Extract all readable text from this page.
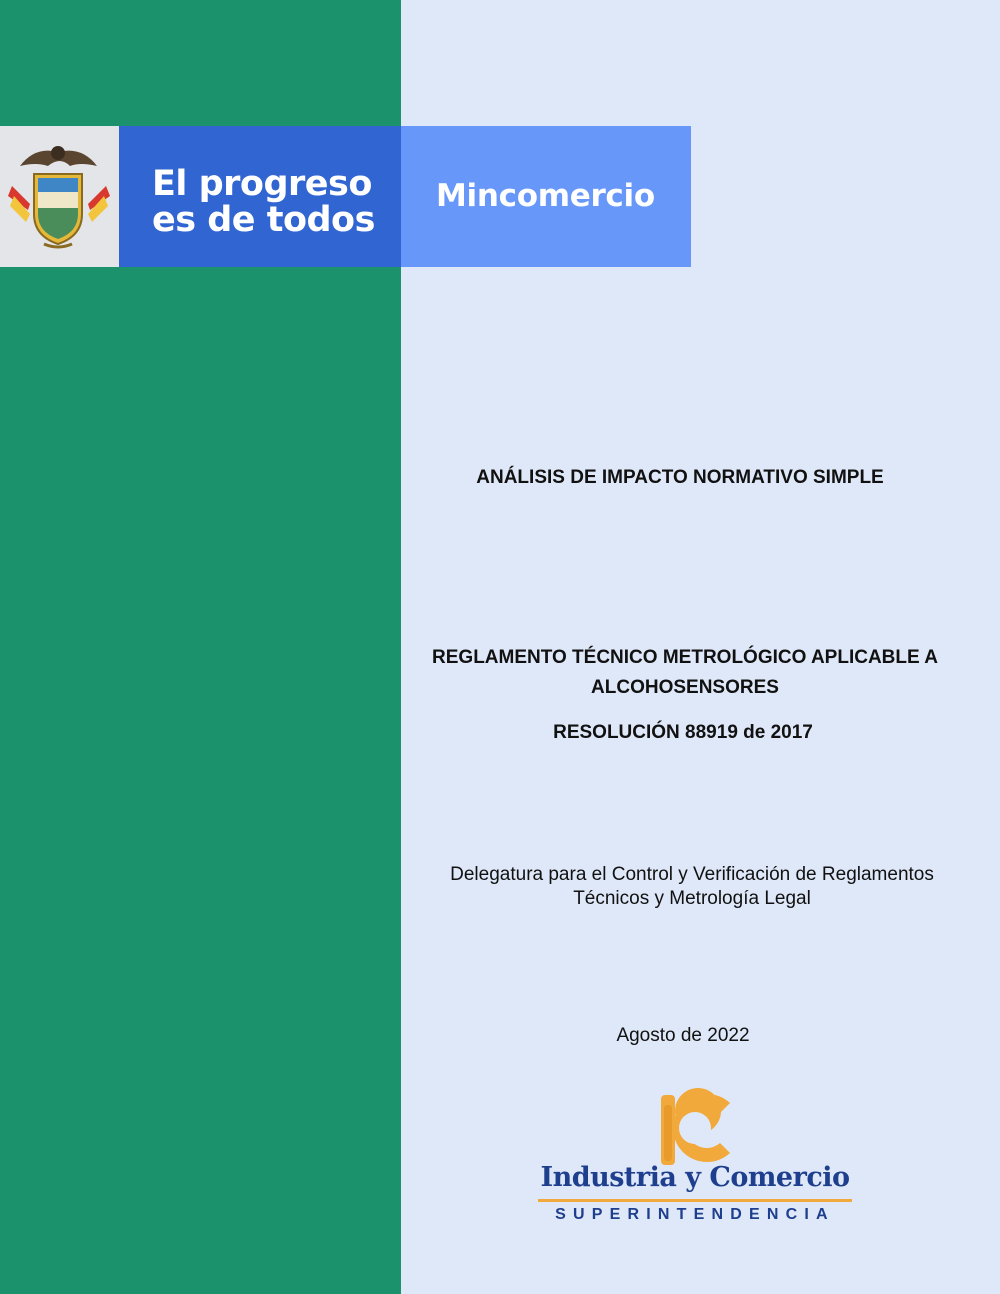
El progreso
es de todos
Mincomercio
ANÁLISIS DE IMPACTO NORMATIVO SIMPLE
REGLAMENTO TÉCNICO METROLÓGICO APLICABLE A
ALCOHOSENSORES
RESOLUCIÓN 88919 de 2017
Delegatura para el Control y Verificación de Reglamentos
Técnicos y Metrología Legal
Agosto de 2022
Industria y Comercio
SUPERINTENDENCIA
